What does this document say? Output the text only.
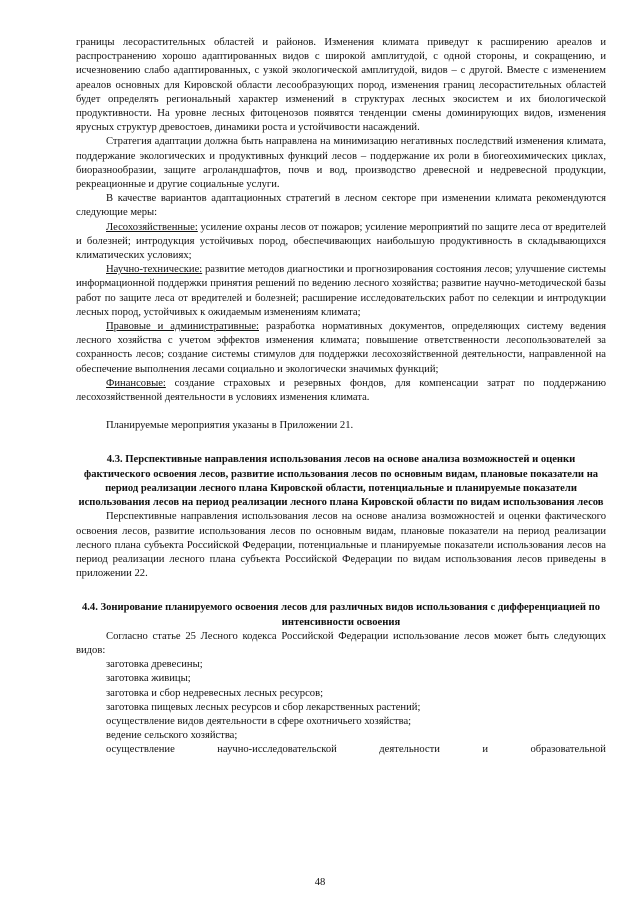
границы лесорастительных областей и районов. Изменения климата приведут к расширению ареалов и распространению хорошо адаптированных видов с широкой амплитудой, с одной стороны, и сокращению, и исчезновению слабо адаптированных, с узкой экологической амплитудой, видов – с другой. Вместе с изменением ареалов основных для Кировской области лесообразующих пород, изменения границ лесорастительных областей будет определять региональный характер изменений в структурах лесных экосистем и их биологической продуктивности. На уровне лесных фитоценозов появятся тенденции смены доминирующих видов, изменения ярусных структур древостоев, динамики роста и устойчивости насаждений.

Стратегия адаптации должна быть направлена на минимизацию негативных последствий изменения климата, поддержание экологических и продуктивных функций лесов – поддержание их роли в биогеохимических циклах, биоразнообразии, защите агроландшафтов, почв и вод, производство древесной и недревесной продукции, рекреационные и другие социальные услуги.

В качестве вариантов адаптационных стратегий в лесном секторе при изменении климата рекомендуются следующие меры:

Лесохозяйственные: усиление охраны лесов от пожаров; усиление мероприятий по защите леса от вредителей и болезней; интродукция устойчивых пород, обеспечивающих наибольшую продуктивность в складывающихся климатических условиях;

Научно-технические: развитие методов диагностики и прогнозирования состояния лесов; улучшение системы информационной поддержки принятия решений по ведению лесного хозяйства; развитие научно-методической базы работ по защите леса от вредителей и болезней; расширение исследовательских работ по селекции и интродукции лесных пород, устойчивых к ожидаемым изменениям климата;

Правовые и административные: разработка нормативных документов, определяющих систему ведения лесного хозяйства с учетом эффектов изменения климата; повышение ответственности лесопользователей за сохранность лесов; создание системы стимулов для поддержки лесохозяйственной деятельности, направленной на обеспечение выполнения лесами социально и экологически значимых функций;

Финансовые: создание страховых и резервных фондов, для компенсации затрат по поддержанию лесохозяйственной деятельности в условиях изменения климата.

Планируемые мероприятия указаны в Приложении 21.

4.3. Перспективные направления использования лесов на основе анализа возможностей и оценки фактического освоения лесов, развитие использования лесов по основным видам, плановые показатели на период реализации лесного плана Кировской области, потенциальные и планируемые показатели использования лесов на период реализации лесного плана Кировской области по видам использования лесов

Перспективные направления использования лесов на основе анализа возможностей и оценки фактического освоения лесов, развитие использования лесов по основным видам, плановые показатели на период реализации лесного плана субъекта Российской Федерации, потенциальные и планируемые показатели использования лесов на период реализации лесного плана субъекта Российской Федерации по видам использования лесов приведены в приложении 22.

4.4. Зонирование планируемого освоения лесов для различных видов использования с дифференциацией по интенсивности освоения

Согласно статье 25 Лесного кодекса Российской Федерации использование лесов может быть следующих видов:

заготовка древесины;

заготовка живицы;

заготовка и сбор недревесных лесных ресурсов;

заготовка пищевых лесных ресурсов и сбор лекарственных растений;

осуществление видов деятельности в сфере охотничьего хозяйства;

ведение сельского хозяйства;

осуществление	научно-исследовательской	деятельности	и	образовательной
48
